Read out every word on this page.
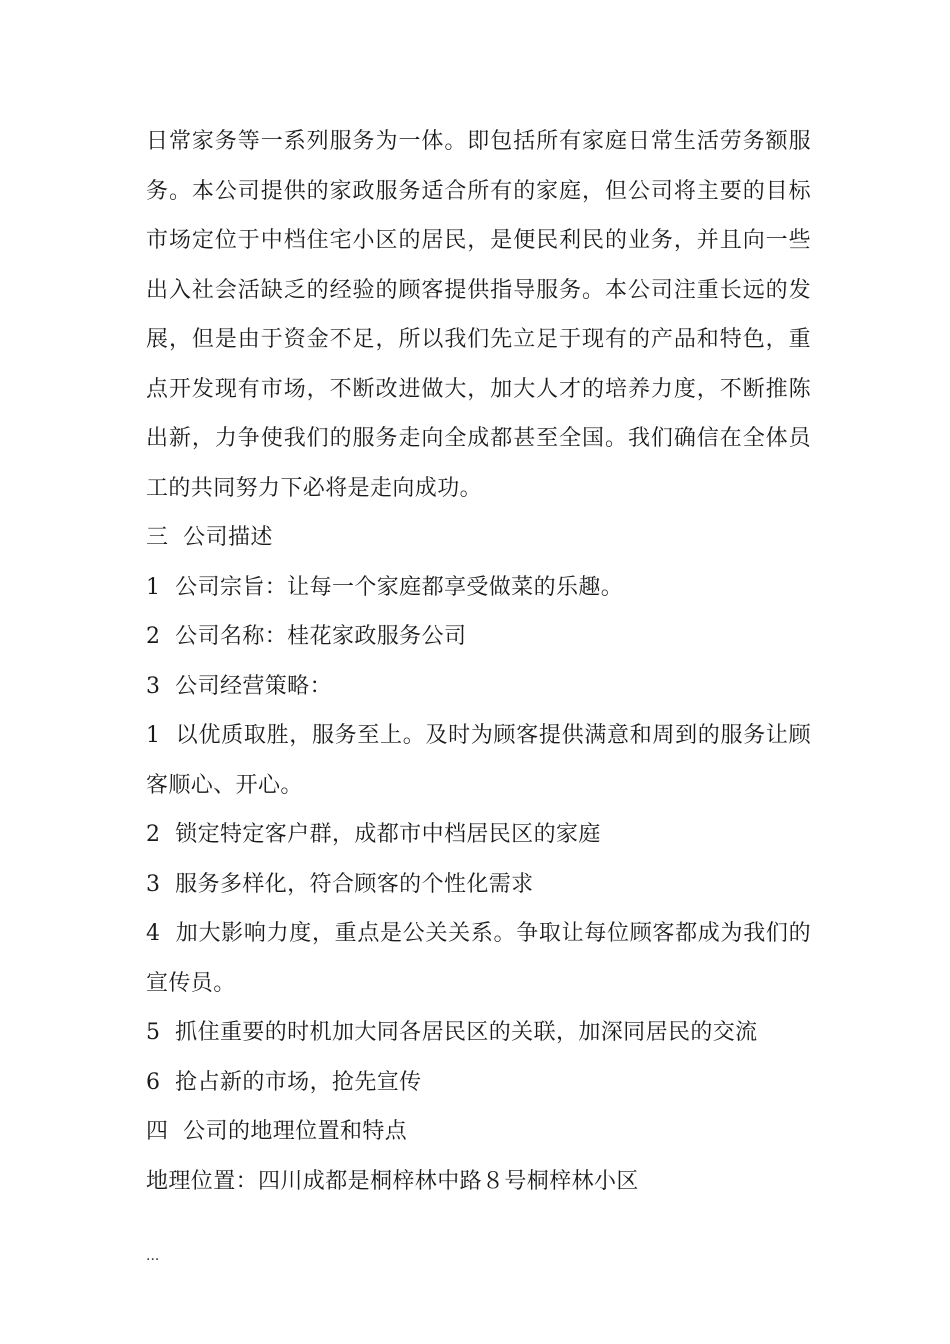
日常家务等一系列服务为一体。即包括所有家庭日常生活劳务额服务。本公司提供的家政服务适合所有的家庭，但公司将主要的目标市场定位于中档住宅小区的居民，是便民利民的业务，并且向一些出入社会活缺乏的经验的顾客提供指导服务。本公司注重长远的发展，但是由于资金不足，所以我们先立足于现有的产品和特色，重点开发现有市场，不断改进做大，加大人才的培养力度，不断推陈出新，力争使我们的服务走向全成都甚至全国。我们确信在全体员工的共同努力下必将是走向成功。

三  公司描述

1  公司宗旨：让每一个家庭都享受做菜的乐趣。

2  公司名称：桂花家政服务公司

3  公司经营策略：

1  以优质取胜，服务至上。及时为顾客提供满意和周到的服务让顾客顺心、开心。

2  锁定特定客户群，成都市中档居民区的家庭

3  服务多样化，符合顾客的个性化需求

4  加大影响力度，重点是公关关系。争取让每位顾客都成为我们的宣传员。

5  抓住重要的时机加大同各居民区的关联，加深同居民的交流

6  抢占新的市场，抢先宣传

四  公司的地理位置和特点

地理位置：四川成都是桐梓林中路８号桐梓林小区

...
